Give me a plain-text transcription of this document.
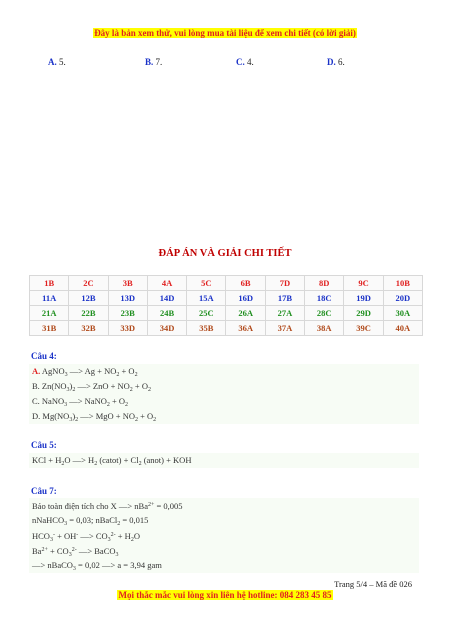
Đây là bản xem thử, vui lòng mua tài liệu để xem chi tiết (có lời giải)
A. 5.	B. 7.	C. 4.	D. 6.
ĐÁP ÁN VÀ GIẢI CHI TIẾT
1B	2C	3B	4A	5C	6B	7D	8D	9C	10B
11A	12B	13D	14D	15A	16D	17B	18C	19D	20D
21A	22B	23B	24B	25C	26A	27A	28C	29D	30A
31B	32B	33D	34D	35B	36A	37A	38A	39C	40A
Câu 4:
A. AgNO$_3$ —> $Ag + NO_2 + O_2$
B. $Zn(NO_3)_2$ —> ZnO + $NO_2 + O_2$
C. NaNO$_3$ —> NaNO$_2$ + $O_2$
D. $Mg(NO_3)_2$ —> MgO + $NO_2 + O_2$
Câu 5:
KCl + $H_2O$ —> $H_2$ (catot) + $Cl_2$ (anot) + KOH
Câu 7:
Bảo toàn điện tích cho X —> nBa$^{2+}$ = 0,005
nNaHCO$_3$ = 0,03; nBaCl$_2$ = 0,015
$HCO_3^- + OH^-$ —> $CO_3^{2-} + H_2O$
$Ba^{2+} + CO_3^{2-}$ —> BaCO$_3$
—> nBaCO$_3$ = 0,02 —> a = 3,94 gam
Trang 5/4 – Mã đề 026
Mọi thắc mắc vui lòng xin liên hệ hotline: 084 283 45 85
